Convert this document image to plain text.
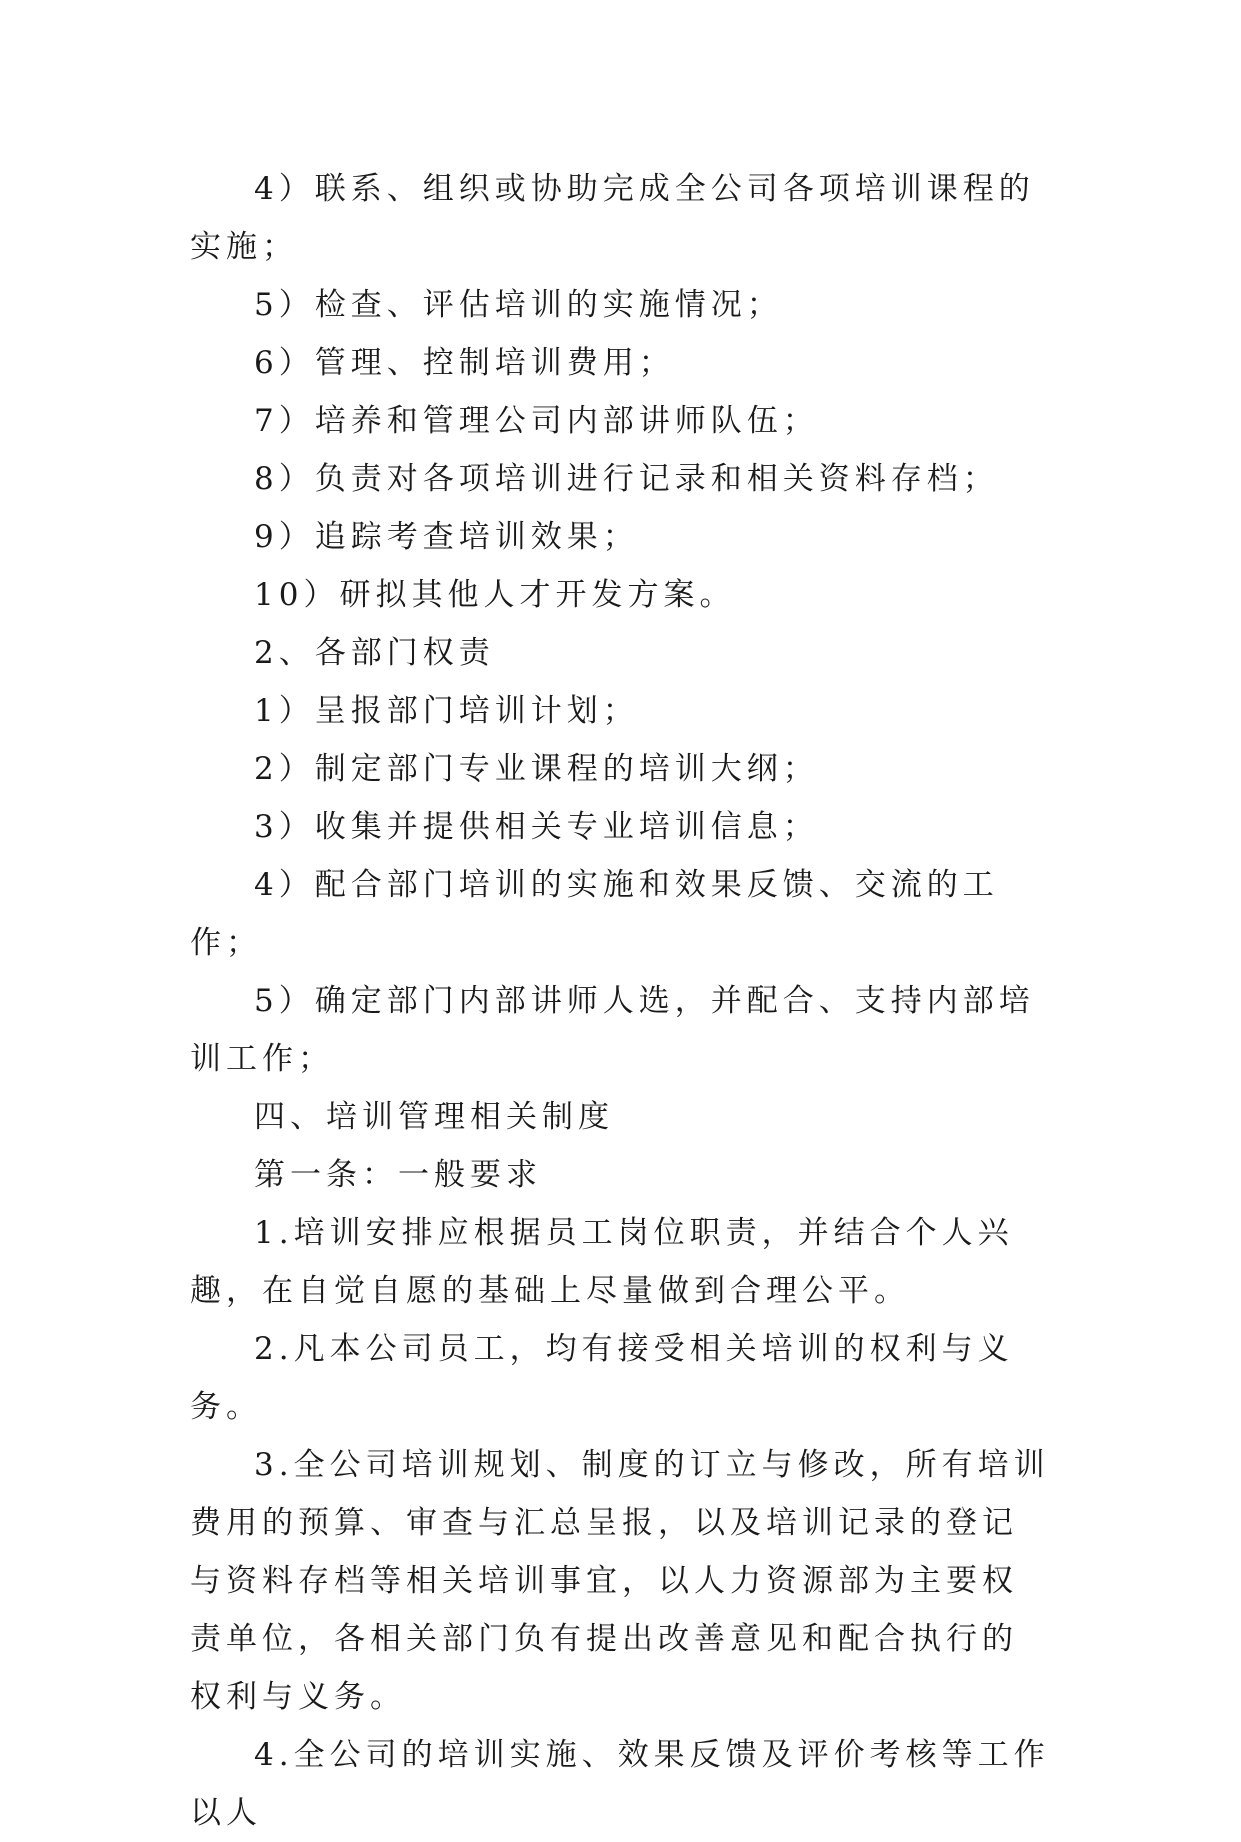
4）联系、组织或协助完成全公司各项培训课程的实施；

5）检查、评估培训的实施情况；

6）管理、控制培训费用；

7）培养和管理公司内部讲师队伍；

8）负责对各项培训进行记录和相关资料存档；

9）追踪考查培训效果；

10）研拟其他人才开发方案。

2、各部门权责

1）呈报部门培训计划；

2）制定部门专业课程的培训大纲；

3）收集并提供相关专业培训信息；

4）配合部门培训的实施和效果反馈、交流的工作；

5）确定部门内部讲师人选，并配合、支持内部培训工作；

四、培训管理相关制度

第一条：一般要求

1.培训安排应根据员工岗位职责，并结合个人兴趣，在自觉自愿的基础上尽量做到合理公平。

2.凡本公司员工，均有接受相关培训的权利与义务。

3.全公司培训规划、制度的订立与修改，所有培训费用的预算、审查与汇总呈报，以及培训记录的登记与资料存档等相关培训事宜，以人力资源部为主要权责单位，各相关部门负有提出改善意见和配合执行的权利与义务。

4.全公司的培训实施、效果反馈及评价考核等工作以人
